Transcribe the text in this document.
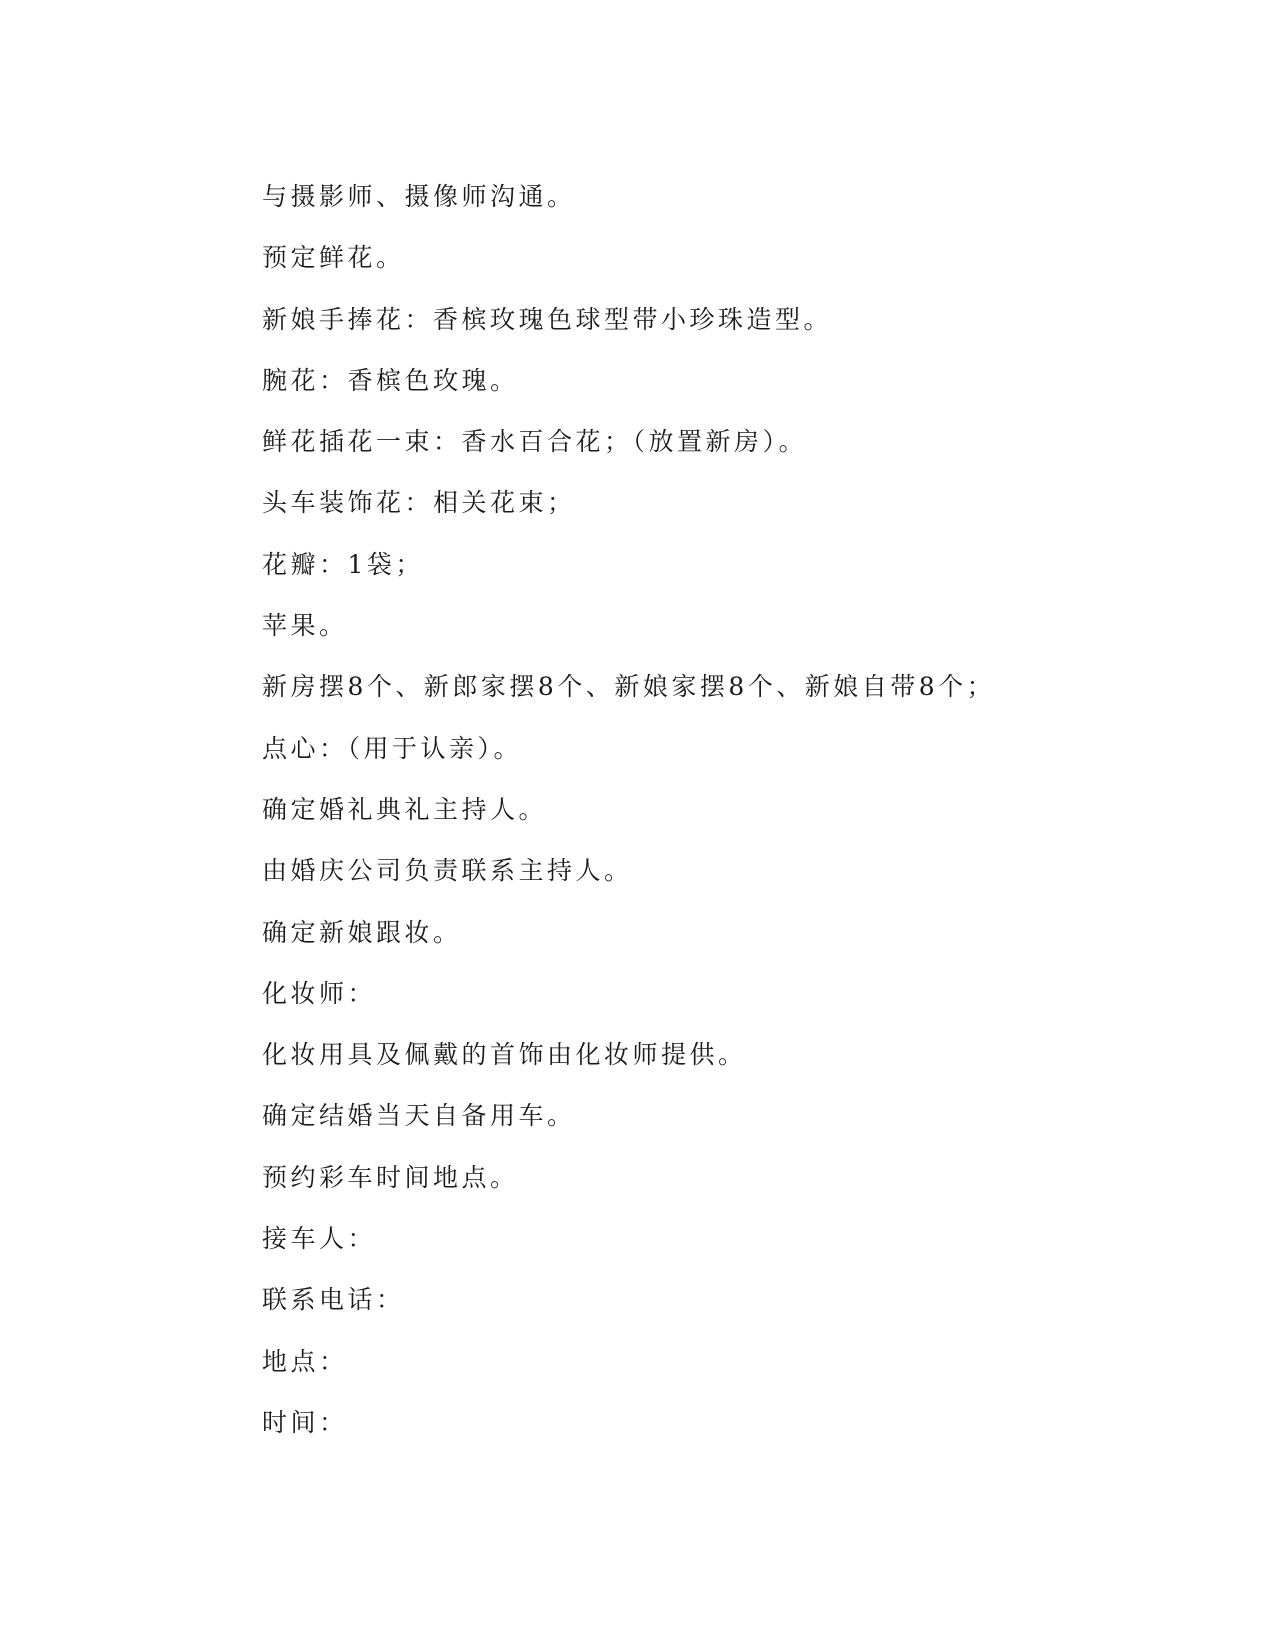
与摄影师、摄像师沟通。
预定鲜花。
新娘手捧花：香槟玫瑰色球型带小珍珠造型。
腕花：香槟色玫瑰。
鲜花插花一束：香水百合花；（放置新房）。
头车装饰花：相关花束；
花瓣：1袋；
苹果。
新房摆8个、新郎家摆8个、新娘家摆8个、新娘自带8个；
点心：（用于认亲）。
确定婚礼典礼主持人。
由婚庆公司负责联系主持人。
确定新娘跟妆。
化妆师：
化妆用具及佩戴的首饰由化妆师提供。
确定结婚当天自备用车。
预约彩车时间地点。
接车人：
联系电话：
地点：
时间：
